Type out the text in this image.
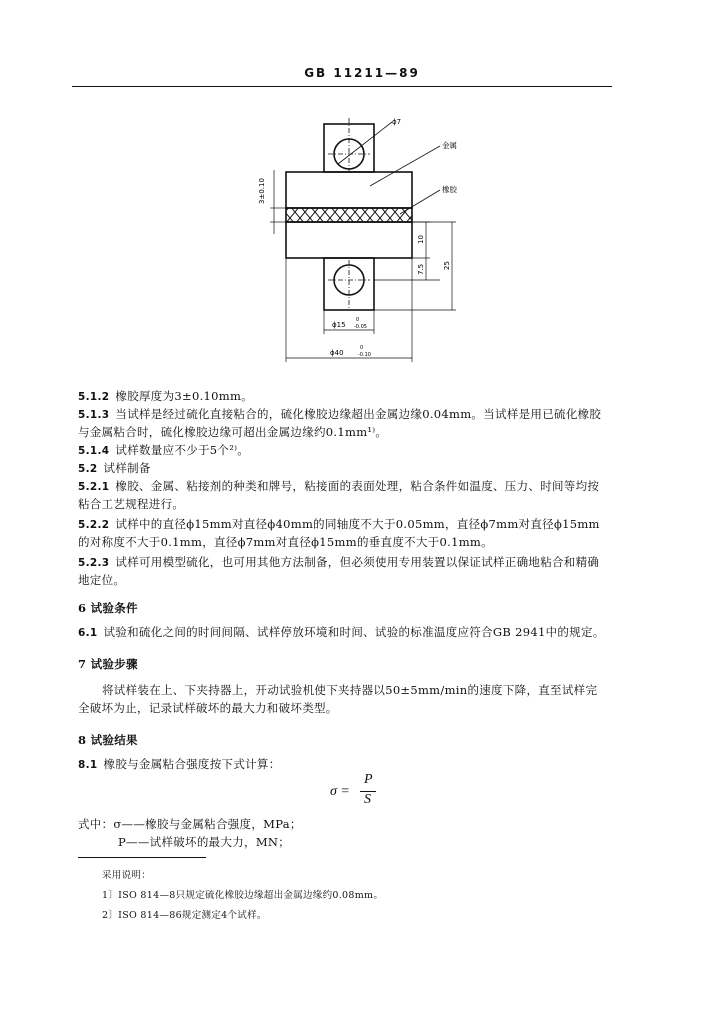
GB 11211—89
ϕ7
金属
橡胶
3±0.10
10
7.5	25
ϕ15
0
-0.05
ϕ40
0
-0.10
5.1.2 橡胶厚度为3±0.10mm。
5.1.3 当试样是经过硫化直接粘合的，硫化橡胶边缘超出金属边缘0.04mm。当试样是用已硫化橡胶
与金属粘合时，硫化橡胶边缘可超出金属边缘约0.1mm¹⁾。
5.1.4 试样数量应不少于5个²⁾。
5.2 试样制备
5.2.1 橡胶、金属、粘接剂的种类和牌号，粘接面的表面处理，粘合条件如温度、压力、时间等均按
粘合工艺规程进行。
5.2.2 试样中的直径ϕ15mm对直径ϕ40mm的同轴度不大于0.05mm，直径ϕ7mm对直径ϕ15mm
的对称度不大于0.1mm，直径ϕ7mm对直径ϕ15mm的垂直度不大于0.1mm。
5.2.3 试样可用模型硫化，也可用其他方法制备，但必须使用专用装置以保证试样正确地粘合和精确
地定位。
6 试验条件
6.1 试验和硫化之间的时间间隔、试样停放环境和时间、试验的标准温度应符合GB 2941中的规定。
7 试验步骤
将试样装在上、下夹持器上，开动试验机使下夹持器以50±5mm/min的速度下降，直至试样完
全破坏为止，记录试样破坏的最大力和破坏类型。
8 试验结果
8.1 橡胶与金属粘合强度按下式计算：
σ =
P
S
式中：σ——橡胶与金属粘合强度，MPa；
P——试样破坏的最大力，MN；
采用说明：
1〕ISO 814—8只规定硫化橡胶边缘超出金属边缘约0.08mm。
2〕ISO 814—86规定测定4个试样。
